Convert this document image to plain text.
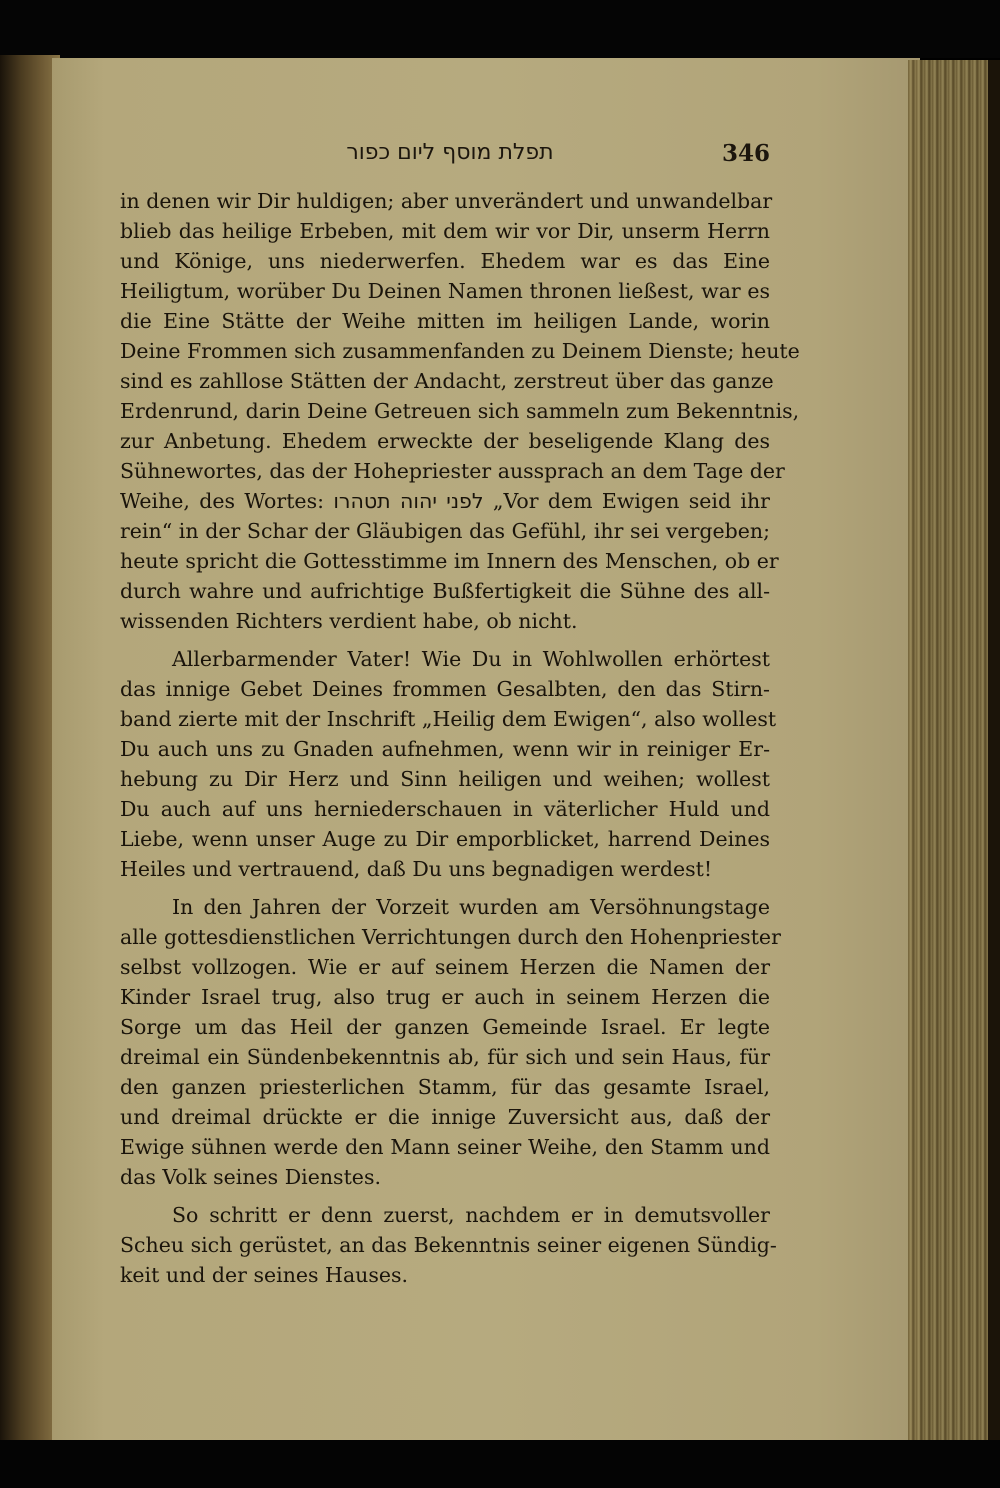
תפלת מוסף ליום כפור	346
in denen wir Dir huldigen; aber unverändert und unwandelbar
blieb das heilige Erbeben, mit dem wir vor Dir, unserm Herrn
und Könige, uns niederwerfen. Ehedem war es das Eine
Heiligtum, worüber Du Deinen Namen thronen ließest, war es
die Eine Stätte der Weihe mitten im heiligen Lande, worin
Deine Frommen sich zusammenfanden zu Deinem Dienste; heute
sind es zahllose Stätten der Andacht, zerstreut über das ganze
Erdenrund, darin Deine Getreuen sich sammeln zum Bekenntnis,
zur Anbetung. Ehedem erweckte der beseligende Klang des
Sühnewortes, das der Hohepriester aussprach an dem Tage der
Weihe, des Wortes: לפני יהוה תטהרו „Vor dem Ewigen seid ihr
rein“ in der Schar der Gläubigen das Gefühl, ihr sei vergeben;
heute spricht die Gottesstimme im Innern des Menschen, ob er
durch wahre und aufrichtige Bußfertigkeit die Sühne des all-
wissenden Richters verdient habe, ob nicht.
Allerbarmender Vater! Wie Du in Wohlwollen erhörtest
das innige Gebet Deines frommen Gesalbten, den das Stirn-
band zierte mit der Inschrift „Heilig dem Ewigen“, also wollest
Du auch uns zu Gnaden aufnehmen, wenn wir in reiniger Er-
hebung zu Dir Herz und Sinn heiligen und weihen; wollest
Du auch auf uns herniederschauen in väterlicher Huld und
Liebe, wenn unser Auge zu Dir emporblicket, harrend Deines
Heiles und vertrauend, daß Du uns begnadigen werdest!
In den Jahren der Vorzeit wurden am Versöhnungstage
alle gottesdienstlichen Verrichtungen durch den Hohenpriester
selbst vollzogen. Wie er auf seinem Herzen die Namen der
Kinder Israel trug, also trug er auch in seinem Herzen die
Sorge um das Heil der ganzen Gemeinde Israel. Er legte
dreimal ein Sündenbekenntnis ab, für sich und sein Haus, für
den ganzen priesterlichen Stamm, für das gesamte Israel,
und dreimal drückte er die innige Zuversicht aus, daß der
Ewige sühnen werde den Mann seiner Weihe, den Stamm und
das Volk seines Dienstes.
So schritt er denn zuerst, nachdem er in demutsvoller
Scheu sich gerüstet, an das Bekenntnis seiner eigenen Sündig-
keit und der seines Hauses.
